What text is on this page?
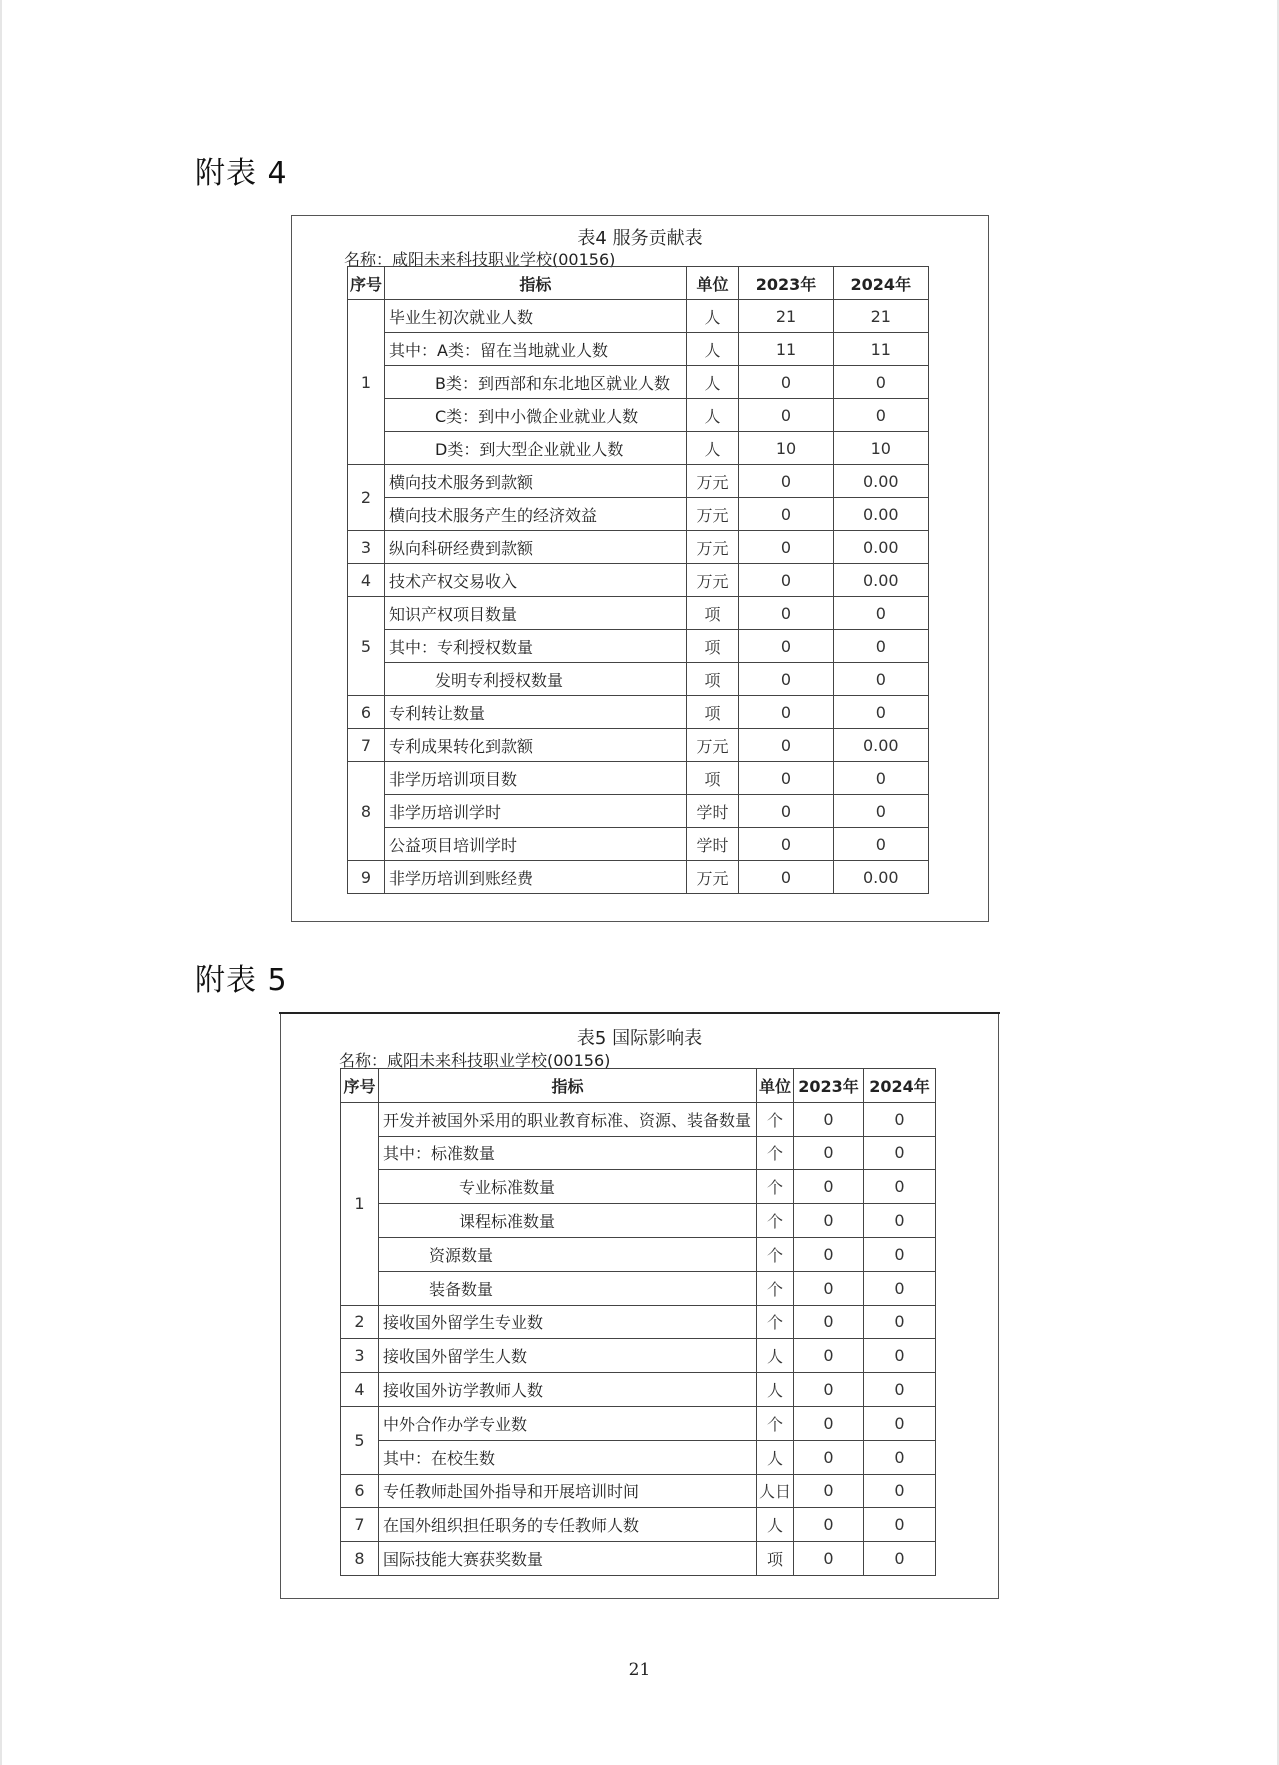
附表 4
表4 服务贡献表
名称：咸阳未来科技职业学校(00156)
序号	指标	单位	2023年	2024年
1	毕业生初次就业人数	人	21	21
	其中：A类：留在当地就业人数	人	11	11
	B类：到西部和东北地区就业人数	人	0	0
	C类：到中小微企业就业人数	人	0	0
	D类：到大型企业就业人数	人	10	10
2	横向技术服务到款额	万元	0	0.00
	横向技术服务产生的经济效益	万元	0	0.00
3	纵向科研经费到款额	万元	0	0.00
4	技术产权交易收入	万元	0	0.00
5	知识产权项目数量	项	0	0
	其中：专利授权数量	项	0	0
	发明专利授权数量	项	0	0
6	专利转让数量	项	0	0
7	专利成果转化到款额	万元	0	0.00
8	非学历培训项目数	项	0	0
	非学历培训学时	学时	0	0
	公益项目培训学时	学时	0	0
9	非学历培训到账经费	万元	0	0.00
附表 5
表5 国际影响表
名称：咸阳未来科技职业学校(00156)
序号	指标	单位	2023年	2024年
1	开发并被国外采用的职业教育标准、资源、装备数量	个	0	0
	其中：标准数量	个	0	0
	专业标准数量	个	0	0
	课程标准数量	个	0	0
	资源数量	个	0	0
	装备数量	个	0	0
2	接收国外留学生专业数	个	0	0
3	接收国外留学生人数	人	0	0
4	接收国外访学教师人数	人	0	0
5	中外合作办学专业数	个	0	0
	其中：在校生数	人	0	0
6	专任教师赴国外指导和开展培训时间	人日	0	0
7	在国外组织担任职务的专任教师人数	人	0	0
8	国际技能大赛获奖数量	项	0	0
21
